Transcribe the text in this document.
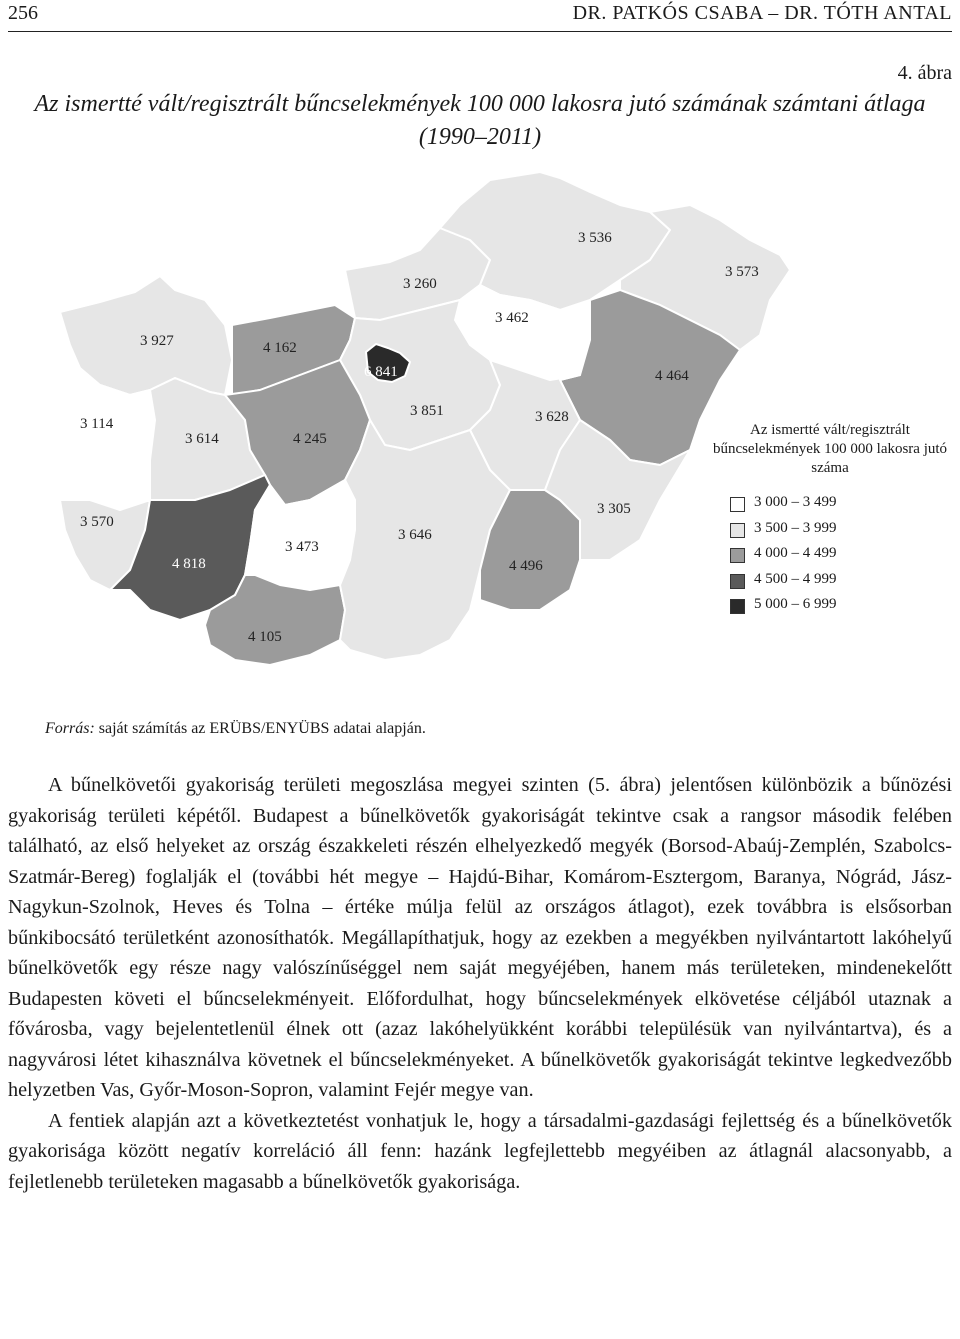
256	DR. PATKÓS CSABA – DR. TÓTH ANTAL
4. ábra
Az ismertté vált/regisztrált bűncselekmények 100 000 lakosra jutó számának számtani átlaga (1990–2011)
3 927	4 162
3 260
3 536
3 573
3 462
6 841	4 464
3 114
3 614	4 245
3 851	3 628
3 570
4 818
3 473
3 646
3 305
4 496
4 105
Az ismertté vált/regisztrált bűncselekmények 100 000 lakosra jutó száma
3 000 – 3 499
3 500 – 3 999
4 000 – 4 499
4 500 – 4 999
5 000 – 6 999
Forrás: saját számítás az ERÜBS/ENYÜBS adatai alapján.

A bűnelkövetői gyakoriság területi megoszlása megyei szinten (5. ábra) jelentősen különbözik a bűnözési gyakoriság területi képétől. Budapest a bűnelkövetők gyakoriságát tekintve csak a rangsor második felében található, az első helyeket az ország északkeleti részén elhelyezkedő megyék (Borsod-Abaúj-Zemplén, Szabolcs-Szatmár-Bereg) foglalják el (további hét megye – Hajdú-Bihar, Komárom-Esztergom, Baranya, Nógrád, Jász-Nagykun-Szolnok, Heves és Tolna – értéke múlja felül az országos átlagot), ezek továbbra is elsősorban bűnkibocsátó területként azonosíthatók. Megállapíthatjuk, hogy az ezekben a megyékben nyilvántartott lakóhelyű bűnelkövetők egy része nagy valószínűséggel nem saját megyéjében, hanem más területeken, mindenekelőtt Budapesten követi el bűncselekményeit. Előfordulhat, hogy bűncselekmények elkövetése céljából utaznak a fővárosba, vagy bejelentetlenül élnek ott (azaz lakóhelyükként korábbi településük van nyilvántartva), és a nagyvárosi létet kihasználva követnek el bűncselekményeket. A bűnelkövetők gyakoriságát tekintve legkedvezőbb helyzetben Vas, Győr-Moson-Sopron, valamint Fejér megye van.

A fentiek alapján azt a következtetést vonhatjuk le, hogy a társadalmi-gazdasági fejlettség és a bűnelkövetők gyakorisága között negatív korreláció áll fenn: hazánk legfejlettebb megyéiben az átlagnál alacsonyabb, a fejletlenebb területeken magasabb a bűnelkövetők gyakorisága.
